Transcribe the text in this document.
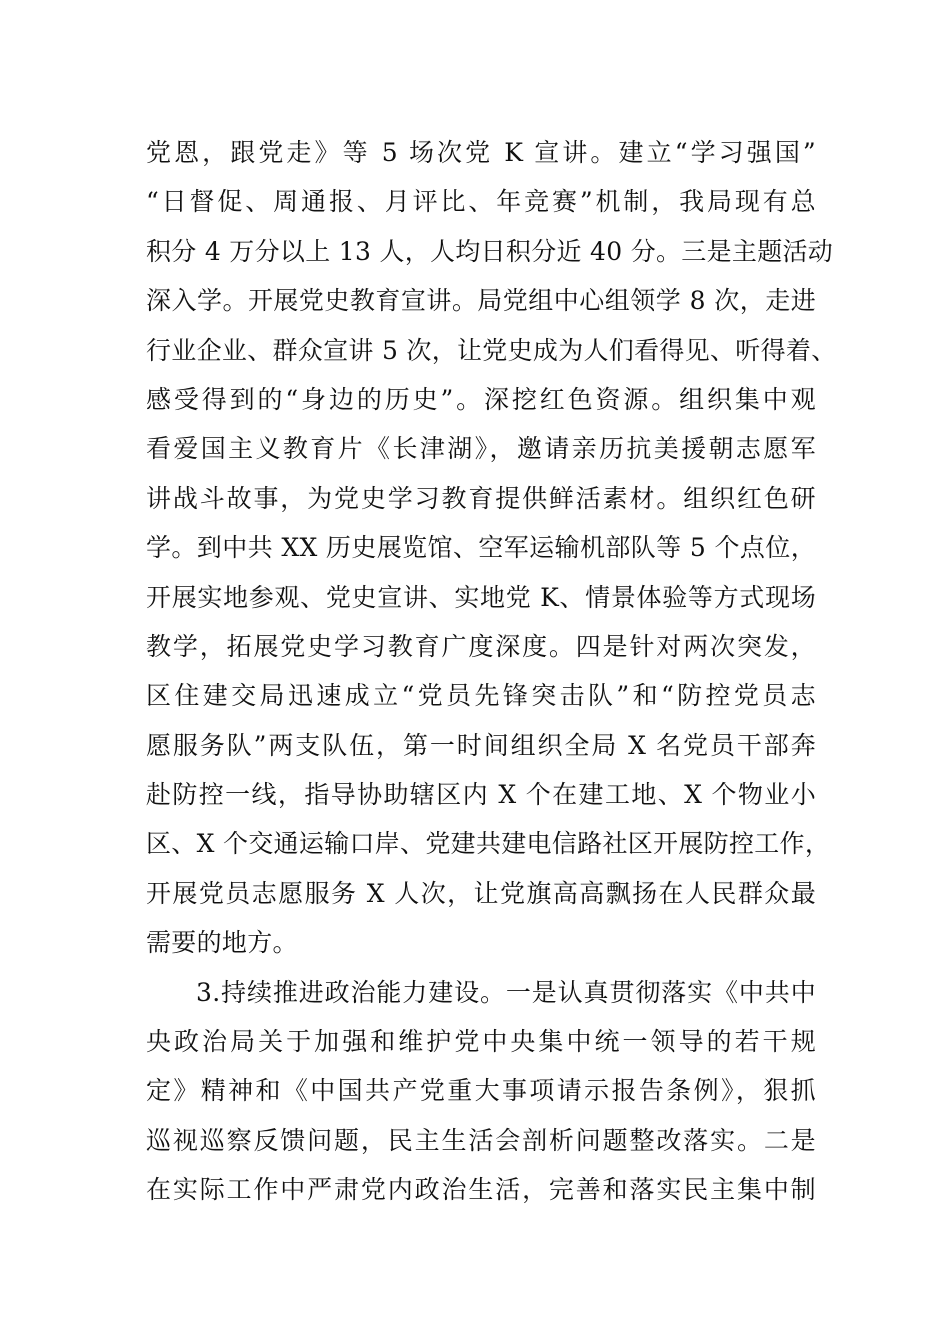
党恩，跟党走》等 5 场次党 K 宣讲。建立“学习强国”
“日督促、周通报、月评比、年竞赛”机制，我局现有总
积分 4 万分以上 13 人，人均日积分近 40 分。三是主题活动
深入学。开展党史教育宣讲。局党组中心组领学 8 次，走进
行业企业、群众宣讲 5 次，让党史成为人们看得见、听得着、
感受得到的“身边的历史”。深挖红色资源。组织集中观
看爱国主义教育片《长津湖》，邀请亲历抗美援朝志愿军
讲战斗故事，为党史学习教育提供鲜活素材。组织红色研
学。到中共 XX 历史展览馆、空军运输机部队等 5 个点位，
开展实地参观、党史宣讲、实地党 K、情景体验等方式现场
教学，拓展党史学习教育广度深度。四是针对两次突发，
区住建交局迅速成立“党员先锋突击队”和“防控党员志
愿服务队”两支队伍，第一时间组织全局 X 名党员干部奔
赴防控一线，指导协助辖区内 X 个在建工地、X 个物业小
区、X 个交通运输口岸、党建共建电信路社区开展防控工作，
开展党员志愿服务 X 人次，让党旗高高飘扬在人民群众最
需要的地方。
3.持续推进政治能力建设。一是认真贯彻落实《中共中
央政治局关于加强和维护党中央集中统一领导的若干规
定》精神和《中国共产党重大事项请示报告条例》，狠抓
巡视巡察反馈问题，民主生活会剖析问题整改落实。二是
在实际工作中严肃党内政治生活，完善和落实民主集中制
